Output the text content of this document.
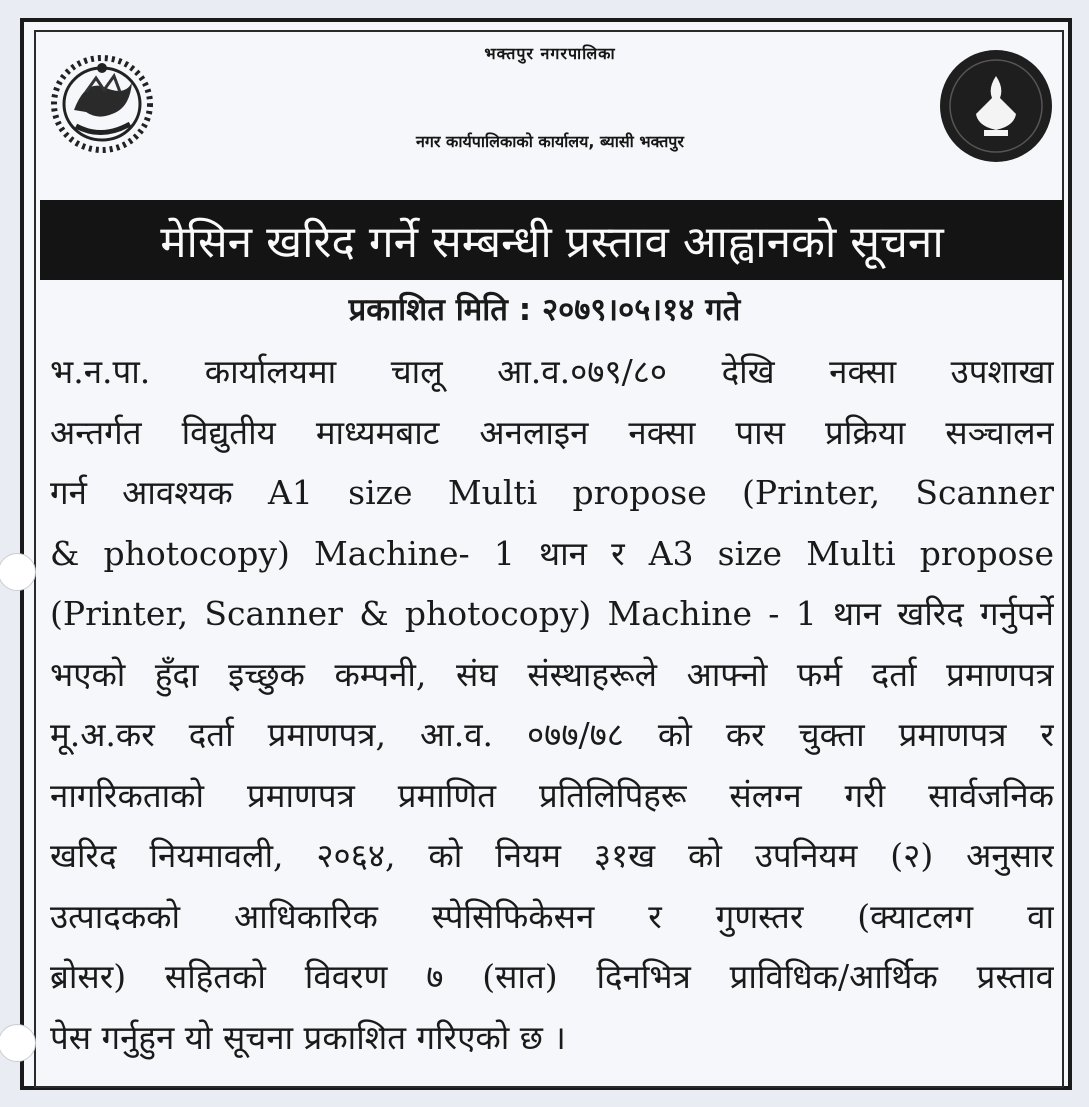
भक्तपुर नगरपालिका
नगर कार्यपालिकाको कार्यालय, ब्यासी भक्तपुर
मेसिन खरिद गर्ने सम्बन्धी प्रस्ताव आह्वानको सूचना
प्रकाशित मिति : २०७९।०५।१४ गते
भ.न.पा. कार्यालयमा चालू आ.व.०७९/८० देखि नक्सा उपशाखा
अन्तर्गत विद्युतीय माध्यमबाट अनलाइन नक्सा पास प्रक्रिया सञ्चालन
गर्न आवश्यक A1 size Multi propose (Printer, Scanner
& photocopy) Machine- 1 थान र A3 size Multi propose
(Printer, Scanner & photocopy) Machine - 1 थान खरिद गर्नुपर्ने
भएको हुँदा इच्छुक कम्पनी, संघ संस्थाहरूले आफ्नो फर्म दर्ता प्रमाणपत्र
मू.अ.कर दर्ता प्रमाणपत्र, आ.व. ०७७/७८ को कर चुक्ता प्रमाणपत्र र
नागरिकताको प्रमाणपत्र प्रमाणित प्रतिलिपिहरू संलग्न गरी सार्वजनिक
खरिद नियमावली, २०६४, को नियम ३१ख को उपनियम (२) अनुसार
उत्पादकको आधिकारिक स्पेसिफिकेसन र गुणस्तर (क्याटलग वा
ब्रोसर) सहितको विवरण ७ (सात) दिनभित्र प्राविधिक/आर्थिक प्रस्ताव
पेस गर्नुहुन यो सूचना प्रकाशित गरिएको छ ।
